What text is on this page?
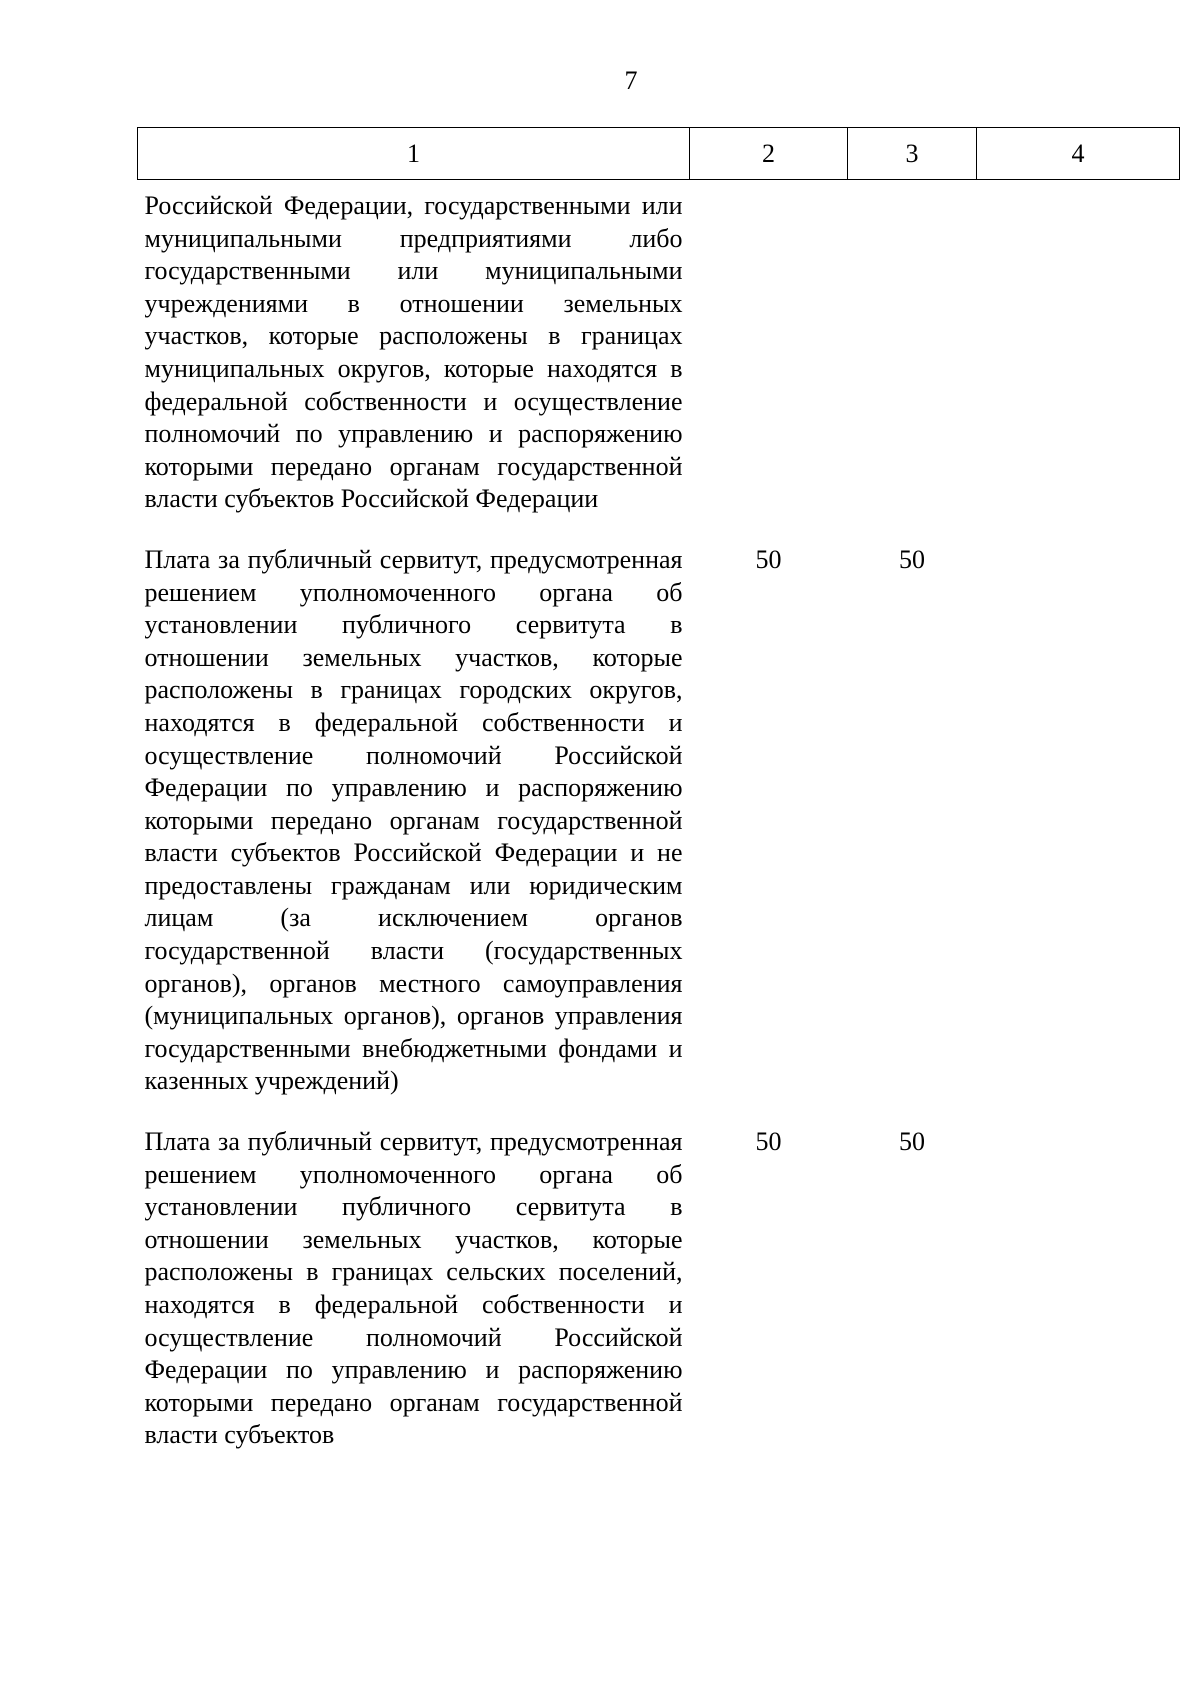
7
1	2	3	4
Российской Федерации, государственными или муниципальными предприятиями либо государственными или муниципальными учреждениями в отношении земельных участков, которые расположены в границах муниципальных округов, которые находятся в федеральной собственности и осуществление полномочий по управлению и распоряжению которыми передано органам государственной власти субъектов Российской Федерации			
Плата за публичный сервитут, предусмотренная решением уполномоченного органа об установлении публичного сервитута в отношении земельных участков, которые расположены в границах городских округов, находятся в федеральной собственности и осуществление полномочий Российской Федерации по управлению и распоряжению которыми передано органам государственной власти субъектов Российской Федерации и не предоставлены гражданам или юридическим лицам (за исключением органов государственной власти (государственных органов), органов местного самоуправления (муниципальных органов), органов управления государственными внебюджетными фондами и казенных учреждений)	50	50	
Плата за публичный сервитут, предусмотренная решением уполномоченного органа об установлении публичного сервитута в отношении земельных участков, которые расположены в границах сельских поселений, находятся в федеральной собственности и осуществление полномочий Российской Федерации по управлению и распоряжению которыми передано органам государственной власти субъектов	50	50	
